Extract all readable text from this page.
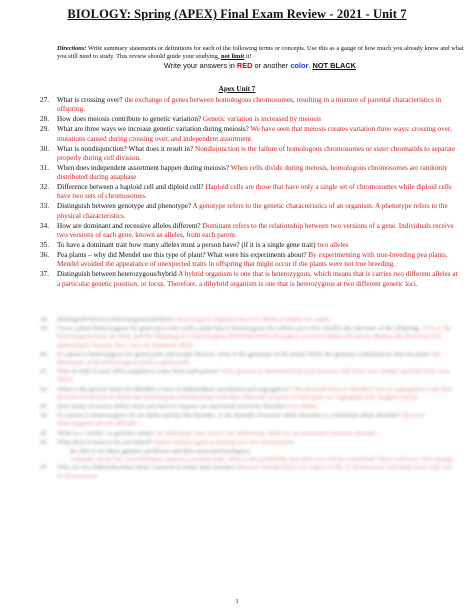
BIOLOGY: Spring (APEX) Final Exam Review - 2021 - Unit 7
Directions: Write summary statements or definitions for each of the following terms or concepts. Use this as a gauge of how much you already know and what you still need to study. This review should guide your studying, not limit it!
Write your answers in RED or another color. NOT BLACK.
Apex Unit 7
27. What is crossing over? the exchange of genes between homologous chromosomes, resulting in a mixture of parental characteristics in offspring.
28. How does meiosis contribute to genetic variation? Genetic variation is increased by meiosis
29. What are three ways we increase genetic variation during meiosis? We have seen that meiosis creates variation three ways: crossing over, mutations caused during crossing over, and independent assortment.
30. What is nondisjunction? What does it result in? Nondisjunction is the failure of homologous chromosomes or sister chromatids to separate properly during cell division.
31. When does independent assortment happen during meiosis? When cells divide during meiosis, homologous chromosomes are randomly distributed during anaphase
32. Difference between a haploid cell and diploid cell? Haploid cells are those that have only a single set of chromosomes while diploid cells have two sets of chromosomes.
33. Distinguish between genotype and phenotype? A genotype refers to the genetic characteristics of an organism. A phenotype refers to the physical characteristics.
34. How are dominant and recessive alleles different? Dominant refers to the relationship between two versions of a gene. Individuals receive two versions of each gene, known as alleles, from each parent.
35. To have a dominant trait how many alleles must a person have? (if it is a single gene trait) two alleles
36. Pea plants – why did Mendel use this type of plant? What were his experiments about? By experimenting with true-breeding pea plants, Mendel avoided the appearance of unexpected traits in offspring that might occur if the plants were not true breeding.
37. Distinguish between heterozygous/hybrid A hybrid organism is one that is heterozygous, which means that is carries two different alleles at a particular genetic position, or locus. Therefore, a dihybrid organism is one that is heterozygous at two different genetic loci.
38. Distinguish between homozygous/purebred a homozygous organism has two identical alleles for a gene.
39. Cross a plant heterozygous for green pea color with a plant that is homozygous for yellow pea color. Predict the outcome of the offspring. 25% of the heterozygous traits are dark, and the offspring of a heterozygous dominant and homozygous recessive plant will always display the dominant trait (phenotype), because they carry the dominant allele.
40. If a plant is heterozygous for green pods and purple flowers, what is the genotype of the plant? Write the genome combinations that the plant The phenotype of the heterozygous plant is green pods.
41. Why do half of your DNA sequences come from each parent? Your genome is inherited from your parents, half from your mother and half from your father.
42. What is the genetic basis for Mendel's Laws of independent assortment and segregation? The physical basis of Mendel's law of segregation is the first division of meiosis in which the homologous chromosomes with their different versions of each gene are segregated into daughter nuclei.
43. How many recessive alleles must you have to express an autosomal recessive disorder? two alleles
44. If a parent is heterozygous for an allele and has the disorder- is the disorder recessive allele disorder or a dominant allele disorder? Because heterozygotes are not affected.
45. What is a "carrier" in genetics terms? an individual who carries one deleterious allele for an autosomal recessive disorder
46. What does it mean to be sex-linked? trait in which a gene is located on a sex chromosome
Be able to do these genetics problems and their associated pedigrees.
A female carrier for color blindness marries a normal male. What is the probability that their son will be colorblind? There will have 50% change.
47. Why are sex-linked disorders more common in males than females? Because females have two copies of the X chromosome and males have only one X chromosome
1
